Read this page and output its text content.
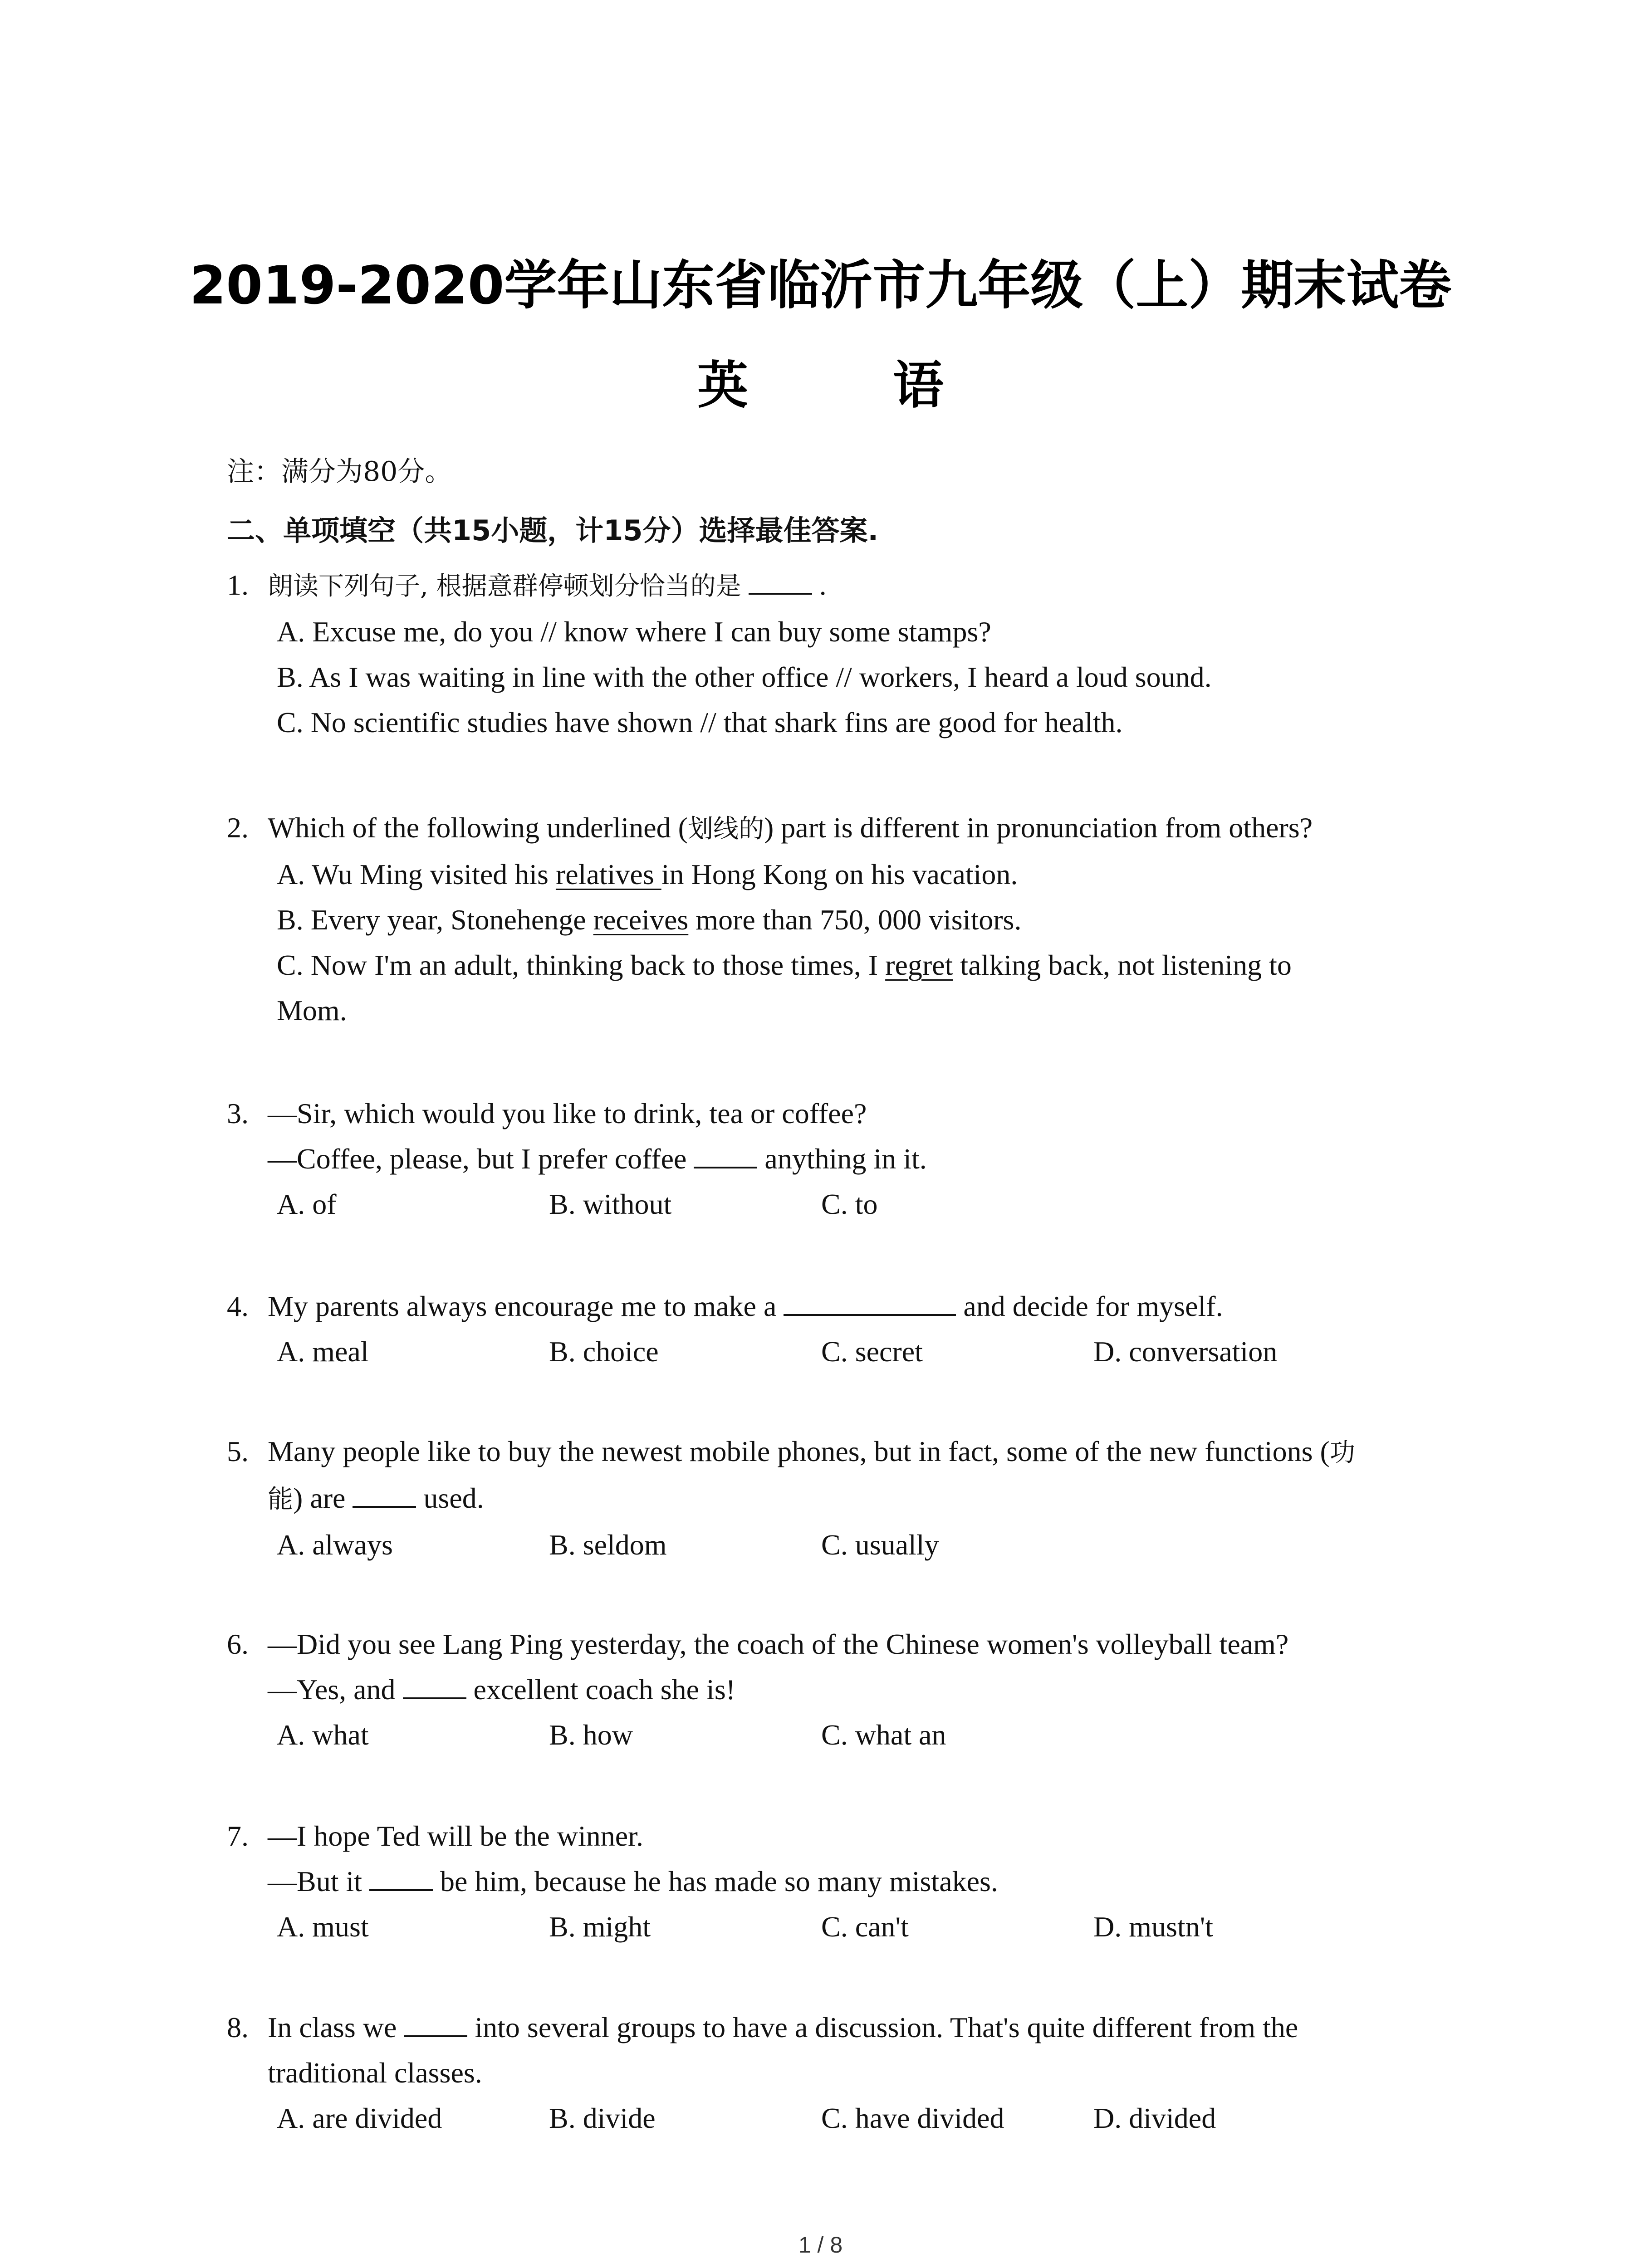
2019-2020学年山东省临沂市九年级（上）期末试卷
英 语
注：满分为80分。
二、单项填空（共15小题，计15分）选择最佳答案.
1. 朗读下列句子, 根据意群停顿划分恰当的是	.
A. Excuse me, do you // know where I can buy some stamps?
B. As I was waiting in line with the other office // workers, I heard a loud sound.
C. No scientific studies have shown // that shark fins are good for health.
2. Which of the following underlined (划线的) part is different in pronunciation from others?
A. Wu Ming visited his relatives in Hong Kong on his vacation.
B. Every year, Stonehenge receives more than 750, 000 visitors.
C. Now I'm an adult, thinking back to those times, I regret talking back, not listening to
Mom.
3. —Sir, which would you like to drink, tea or coffee?
—Coffee, please, but I prefer coffee  anything in it.
A. of	B. without	C. to
4. My parents always encourage me to make a	and decide for myself.
A. meal	B. choice	C. secret	D. conversation
5. Many people like to buy the newest mobile phones, but in fact, some of the new functions (功
能) are  used.
A. always	B. seldom	C. usually
6. —Did you see Lang Ping yesterday, the coach of the Chinese women's volleyball team?
—Yes, and  excellent coach she is!
A. what	B. how	C. what an
7. —I hope Ted will be the winner.
—But it  be him, because he has made so many mistakes.
A. must	B. might	C. can't	D. mustn't
8. In class we  into several groups to have a discussion. That's quite different from the
traditional classes.
A. are divided	B. divide	C. have divided	D. divided
1 / 8
